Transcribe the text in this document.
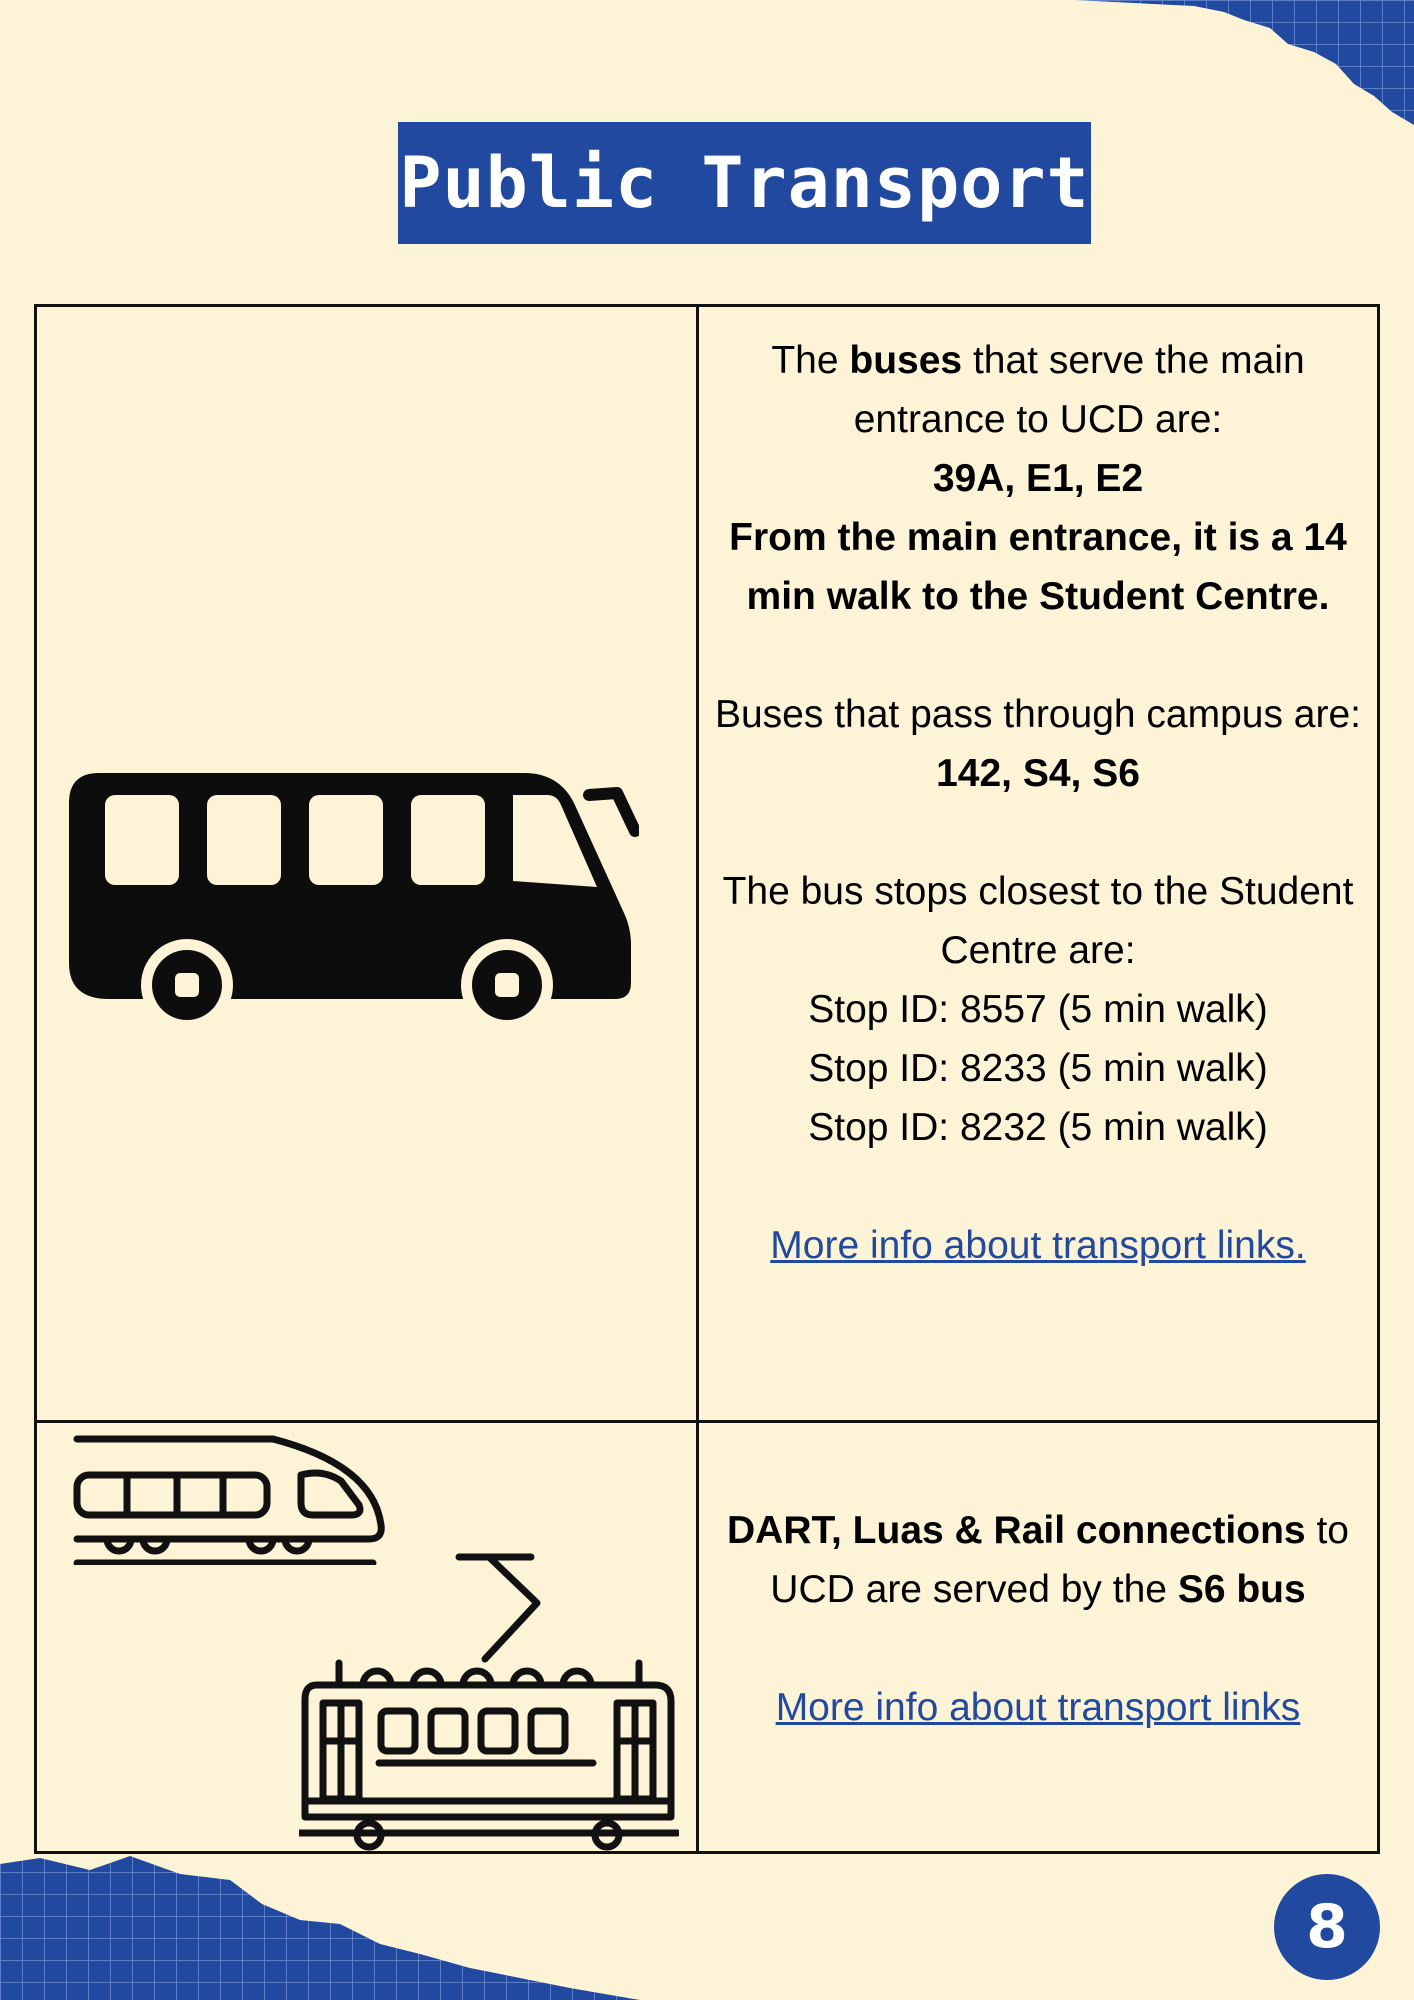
Public Transport

The buses that serve the main entrance to UCD are:

39A, E1, E2

From the main entrance, it is a 14 min walk to the Student Centre.

Buses that pass through campus are:

142, S4, S6

The bus stops closest to the Student Centre are:

Stop ID: 8557 (5 min walk)

Stop ID: 8233 (5 min walk)

Stop ID: 8232 (5 min walk)

More info about transport links.

DART, Luas & Rail connections to UCD are served by the S6 bus

More info about transport links

8
